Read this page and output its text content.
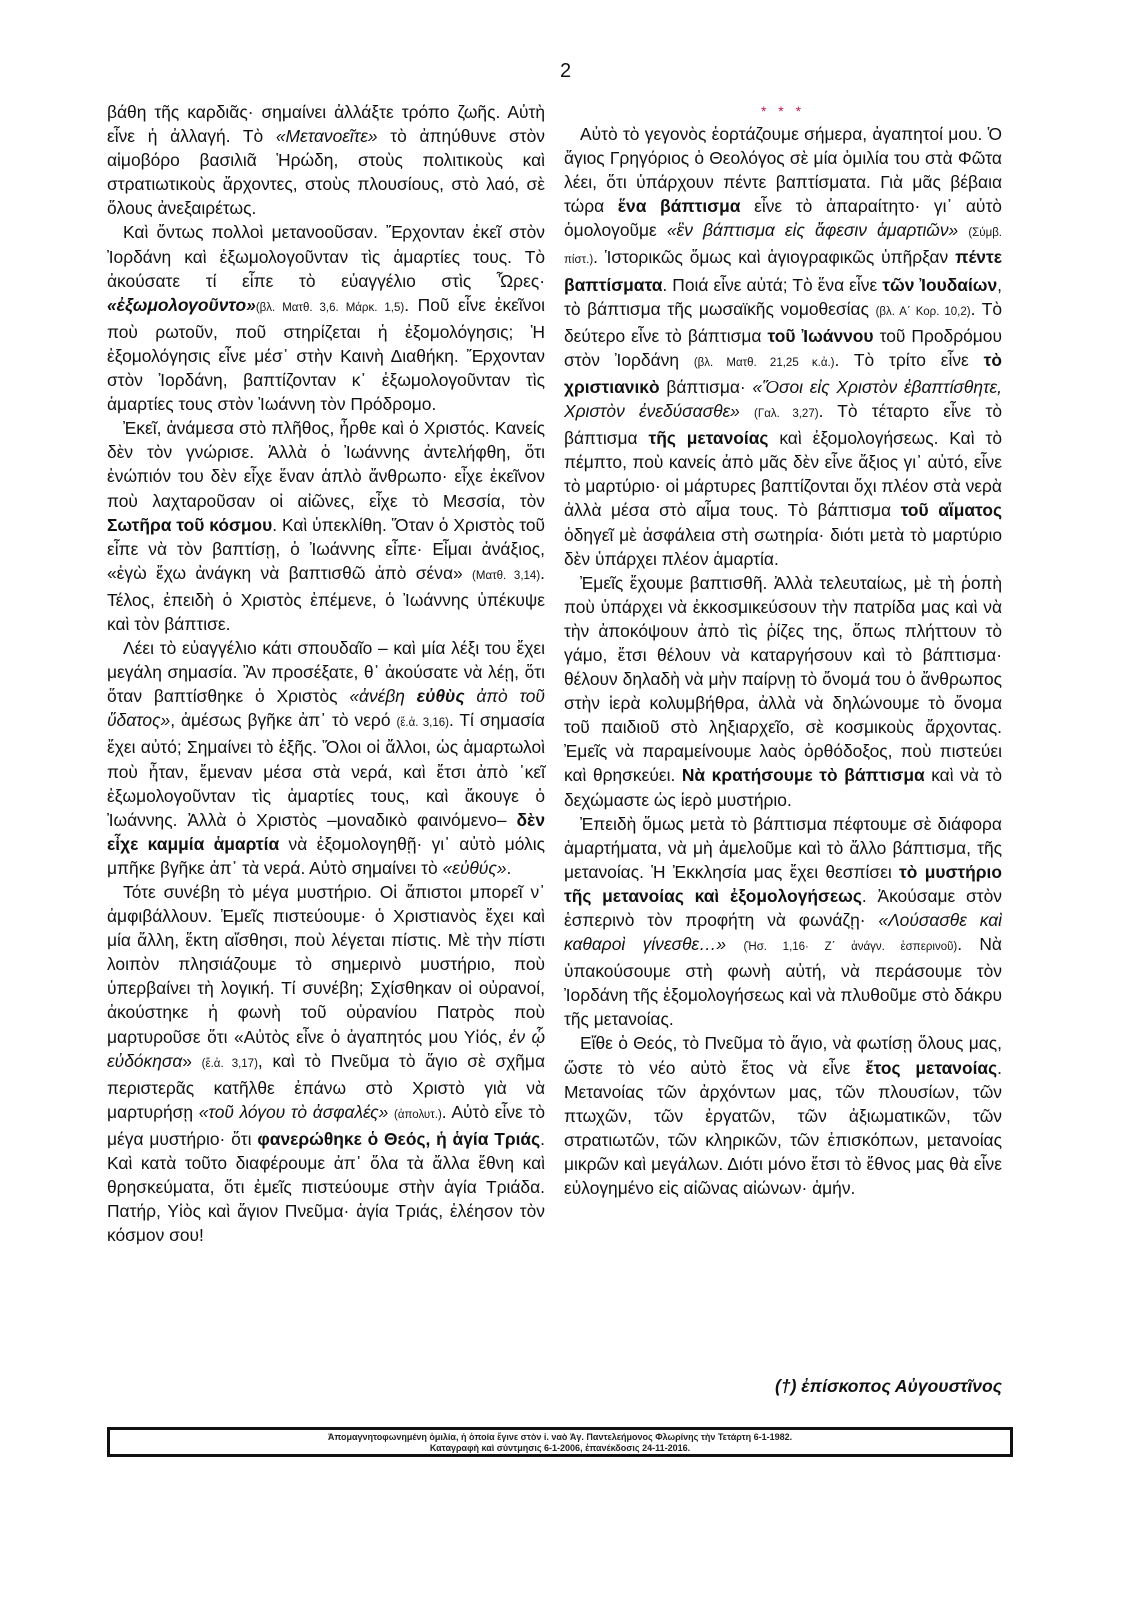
2

βάθη τῆς καρδιᾶς· σημαίνει ἀλλάξτε τρόπο ζωῆς. Αὐτὴ εἶνε ἡ ἀλλαγή. Τὸ «Μετανοεῖτε» τὸ ἀπηύθυνε στὸν αἱμοβόρο βασιλιᾶ Ἡρώδη, στοὺς πολιτικοὺς καὶ στρατιωτικοὺς ἄρχοντες, στοὺς πλουσίους, στὸ λαό, σὲ ὅλους ἀνεξαιρέτως.

Καὶ ὄντως πολλοὶ μετανοοῦσαν. Ἔρχονταν ἐκεῖ στὸν Ἰορδάνη καὶ ἐξωμολογοῦνταν τὶς ἁμαρτίες τους. Τὸ ἀκούσατε τί εἶπε τὸ εὐαγγέλιο στὶς Ὧρες· «ἐξωμολογοῦντο»(βλ. Ματθ. 3,6. Μάρκ. 1,5). Ποῦ εἶνε ἐκεῖνοι ποὺ ρωτοῦν, ποῦ στηρίζεται ἡ ἐξομολόγησις; Ἡ ἐξομολόγησις εἶνε μέσ᾽ στὴν Καινὴ Διαθήκη. Ἔρχονταν στὸν Ἰορδάνη, βαπτίζονταν κ᾽ ἐξωμολογοῦνταν τὶς ἁμαρτίες τους στὸν Ἰωάννη τὸν Πρόδρομο.

Ἐκεῖ, ἀνάμεσα στὸ πλῆθος, ἦρθε καὶ ὁ Χριστός. Κανείς δὲν τὸν γνώρισε. Ἀλλὰ ὁ Ἰωάννης ἀντελήφθη, ὅτι ἐνώπιόν του δὲν εἶχε ἕναν ἁπλὸ ἄνθρωπο· εἶχε ἐκεῖνον ποὺ λαχταροῦσαν οἱ αἰῶνες, εἶχε τὸ Μεσσία, τὸν Σωτῆρα τοῦ κόσμου. Καὶ ὑπεκλίθη. Ὅταν ὁ Χριστὸς τοῦ εἶπε νὰ τὸν βαπτίσῃ, ὁ Ἰωάννης εἶπε· Εἶμαι ἀνάξιος, «ἐγὼ ἔχω ἀνάγκη νὰ βαπτισθῶ ἀπὸ σένα» (Ματθ. 3,14). Τέλος, ἐπειδὴ ὁ Χριστὸς ἐπέμενε, ὁ Ἰωάννης ὑπέκυψε καὶ τὸν βάπτισε.

Λέει τὸ εὐαγγέλιο κάτι σπουδαῖο – καὶ μία λέξι του ἔχει μεγάλη σημασία. Ἂν προσέξατε, θ᾽ ἀκούσατε νὰ λέῃ, ὅτι ὅταν βαπτίσθηκε ὁ Χριστὸς «ἀνέβη εὐθὺς ἀπὸ τοῦ ὕδατος», ἀμέσως βγῆκε ἀπ᾽ τὸ νερό (ἔ.ἀ. 3,16). Τί σημασία ἔχει αὐτό; Σημαίνει τὸ ἑξῆς. Ὅλοι οἱ ἄλλοι, ὡς ἁμαρτωλοὶ ποὺ ἦταν, ἔμεναν μέσα στὰ νερά, καὶ ἔτσι ἀπὸ ᾽κεῖ ἐξωμολογοῦνταν τὶς ἁμαρτίες τους, καὶ ἄκουγε ὁ Ἰωάννης. Ἀλλὰ ὁ Χριστὸς –μοναδικὸ φαινόμενο– δὲν εἶχε καμμία ἁμαρτία νὰ ἐξομολογηθῇ· γι᾽ αὐτὸ μόλις μπῆκε βγῆκε ἀπ᾽ τὰ νερά. Αὐτὸ σημαίνει τὸ «εὐθύς».

Τότε συνέβη τὸ μέγα μυστήριο. Οἱ ἄπιστοι μπορεῖ ν᾽ ἀμφιβάλλουν. Ἐμεῖς πιστεύουμε· ὁ Χριστιανὸς ἔχει καὶ μία ἄλλη, ἕκτη αἴσθησι, ποὺ λέγεται πίστις. Μὲ τὴν πίστι λοιπὸν πλησιάζουμε τὸ σημερινὸ μυστήριο, ποὺ ὑπερβαίνει τὴ λογική. Τί συνέβη; Σχίσθηκαν οἱ οὐρανοί, ἀκούστηκε ἡ φωνὴ τοῦ οὐρανίου Πατρὸς ποὺ μαρτυροῦσε ὅτι «Αὐτὸς εἶνε ὁ ἀγαπητός μου Υἱός, ἐν ᾧ εὐδόκησα» (ἔ.ἀ. 3,17), καὶ τὸ Πνεῦμα τὸ ἅγιο σὲ σχῆμα περιστερᾶς κατῆλθε ἐπάνω στὸ Χριστὸ γιὰ νὰ μαρτυρήσῃ «τοῦ λόγου τὸ ἀσφαλές» (ἀπολυτ.). Αὐτὸ εἶνε τὸ μέγα μυστήριο· ὅτι φανερώθηκε ὁ Θεός, ἡ ἁγία Τριάς. Καὶ κατὰ τοῦτο διαφέρουμε ἀπ᾽ ὅλα τὰ ἄλλα ἔθνη καὶ θρησκεύματα, ὅτι ἐμεῖς πιστεύουμε στὴν ἁγία Τριάδα. Πατήρ, Υἱὸς καὶ ἅγιον Πνεῦμα· ἁγία Τριάς, ἐλέησον τὸν κόσμον σου!

* * *

Αὐτὸ τὸ γεγονὸς ἑορτάζουμε σήμερα, ἀγαπητοί μου. Ὁ ἅγιος Γρηγόριος ὁ Θεολόγος σὲ μία ὁμιλία του στὰ Φῶτα λέει, ὅτι ὑπάρχουν πέντε βαπτίσματα. Γιὰ μᾶς βέβαια τώρα ἕνα βάπτισμα εἶνε τὸ ἀπαραίτητο· γι᾽ αὐτὸ ὁμολογοῦμε «ἓν βάπτισμα εἰς ἄφεσιν ἁμαρτιῶν» (Σύμβ. πίστ.). Ἱστορικῶς ὅμως καὶ ἁγιογραφικῶς ὑπῆρξαν πέντε βαπτίσματα. Ποιά εἶνε αὐτά; Τὸ ἕνα εἶνε τῶν Ἰουδαίων, τὸ βάπτισμα τῆς μωσαϊκῆς νομοθεσίας (βλ. Α΄ Κορ. 10,2). Τὸ δεύτερο εἶνε τὸ βάπτισμα τοῦ Ἰωάννου τοῦ Προδρόμου στὸν Ἰορδάνη (βλ. Ματθ. 21,25 κ.ἀ.). Τὸ τρίτο εἶνε τὸ χριστιανικὸ βάπτισμα· «Ὅσοι εἰς Χριστὸν ἐβαπτίσθητε, Χριστὸν ἐνεδύσασθε» (Γαλ. 3,27). Τὸ τέταρτο εἶνε τὸ βάπτισμα τῆς μετανοίας καὶ ἐξομολογήσεως. Καὶ τὸ πέμπτο, ποὺ κανείς ἀπὸ μᾶς δὲν εἶνε ἄξιος γι᾽ αὐτό, εἶνε τὸ μαρτύριο· οἱ μάρτυρες βαπτίζονται ὄχι πλέον στὰ νερὰ ἀλλὰ μέσα στὸ αἷμα τους. Τὸ βάπτισμα τοῦ αἵματος ὁδηγεῖ μὲ ἀσφάλεια στὴ σωτηρία· διότι μετὰ τὸ μαρτύριο δὲν ὑπάρχει πλέον ἁμαρτία.

Ἐμεῖς ἔχουμε βαπτισθῆ. Ἀλλὰ τελευταίως, μὲ τὴ ῥοπὴ ποὺ ὑπάρχει νὰ ἐκκοσμικεύσουν τὴν πατρίδα μας καὶ νὰ τὴν ἀποκόψουν ἀπὸ τὶς ῥίζες της, ὅπως πλήττουν τὸ γάμο, ἔτσι θέλουν νὰ καταργήσουν καὶ τὸ βάπτισμα· θέλουν δηλαδὴ νὰ μὴν παίρνῃ τὸ ὄνομά του ὁ ἄνθρωπος στὴν ἱερὰ κολυμβήθρα, ἀλλὰ νὰ δηλώνουμε τὸ ὄνομα τοῦ παιδιοῦ στὸ ληξιαρχεῖο, σὲ κοσμικοὺς ἄρχοντας. Ἐμεῖς νὰ παραμείνουμε λαὸς ὀρθόδοξος, ποὺ πιστεύει καὶ θρησκεύει. Νὰ κρατήσουμε τὸ βάπτισμα καὶ νὰ τὸ δεχώμαστε ὡς ἱερὸ μυστήριο.

Ἐπειδὴ ὅμως μετὰ τὸ βάπτισμα πέφτουμε σὲ διάφορα ἁμαρτήματα, νὰ μὴ ἀμελοῦμε καὶ τὸ ἄλλο βάπτισμα, τῆς μετανοίας. Ἡ Ἐκκλησία μας ἔχει θεσπίσει τὸ μυστήριο τῆς μετανοίας καὶ ἐξομολογήσεως. Ἀκούσαμε στὸν ἑσπερινὸ τὸν προφήτη νὰ φωνάζῃ· «Λούσασθε καὶ καθαροὶ γίνεσθε…» (Ἠσ. 1,16· Ζ΄ ἀνάγν. ἑσπερινοῦ). Νὰ ὑπακούσουμε στὴ φωνὴ αὐτή, νὰ περάσουμε τὸν Ἰορδάνη τῆς ἐξομολογήσεως καὶ νὰ πλυθοῦμε στὸ δάκρυ τῆς μετανοίας.

Εἴθε ὁ Θεός, τὸ Πνεῦμα τὸ ἅγιο, νὰ φωτίσῃ ὅλους μας, ὥστε τὸ νέο αὐτὸ ἔτος νὰ εἶνε ἔτος μετανοίας. Μετανοίας τῶν ἀρχόντων μας, τῶν πλουσίων, τῶν πτωχῶν, τῶν ἐργατῶν, τῶν ἀξιωματικῶν, τῶν στρατιωτῶν, τῶν κληρικῶν, τῶν ἐπισκόπων, μετανοίας μικρῶν καὶ μεγάλων. Διότι μόνο ἔτσι τὸ ἔθνος μας θὰ εἶνε εὐλογημένο εἰς αἰῶνας αἰώνων· ἀμήν.

(†) ἐπίσκοπος Αὐγουστῖνος
Ἀπομαγνητοφωνημένη ὁμιλία, ἡ ὁποία ἔγινε στὸν ἱ. ναὸ Ἁγ. Παντελεήμονος Φλωρίνης τὴν Τετάρτη 6-1-1982.
Καταγραφὴ καὶ σύντμησις 6-1-2006, ἐπανέκδοσις 24-11-2016.
